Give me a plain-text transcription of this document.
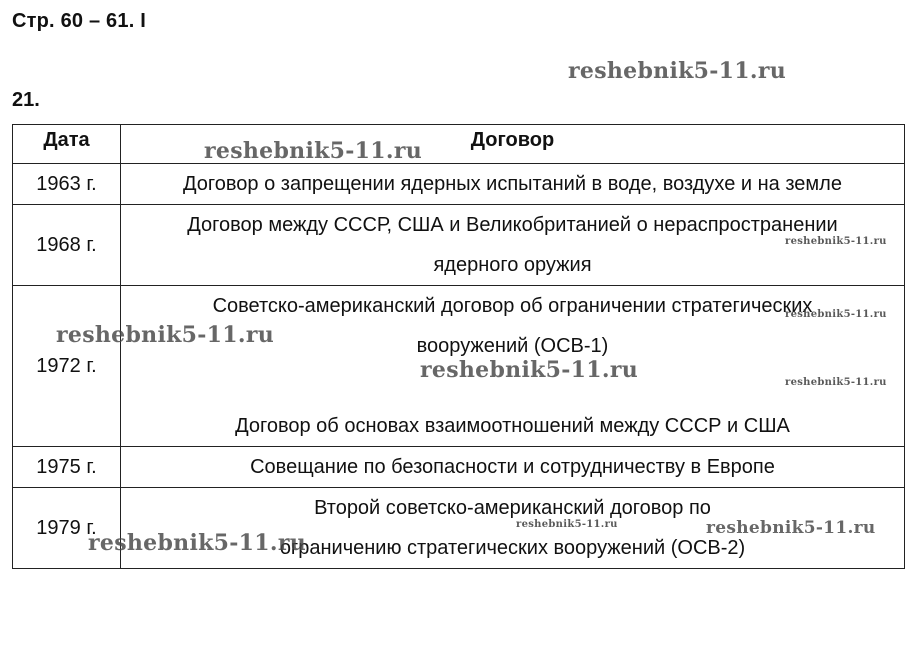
Стр. 60 – 61. I
21.
Дата	Договор
1963 г.	Договор о запрещении ядерных испытаний в воде, воздухе и на земле

1968 г.	Договор между СССР, США и Великобританией о нераспространении ядерного оружия

1972 г.	Советско-американский договор об ограничении стратегических вооружений (ОСВ-1)
Договор об основах взаимоотношений между СССР и США

1975 г.	Совещание по безопасности и сотрудничеству в Европе

1979 г.	Второй советско-американский договор по ограничению стратегических вооружений (ОСВ-2)
reshebnik5-11.ru
reshebnik5-11.ru
reshebnik5-11.ru
reshebnik5-11.ru
reshebnik5-11.ru
reshebnik5-11.ru	reshebnik5-11.ru
reshebnik5-11.ru	reshebnik5-11.ru
reshebnik5-11.ru
